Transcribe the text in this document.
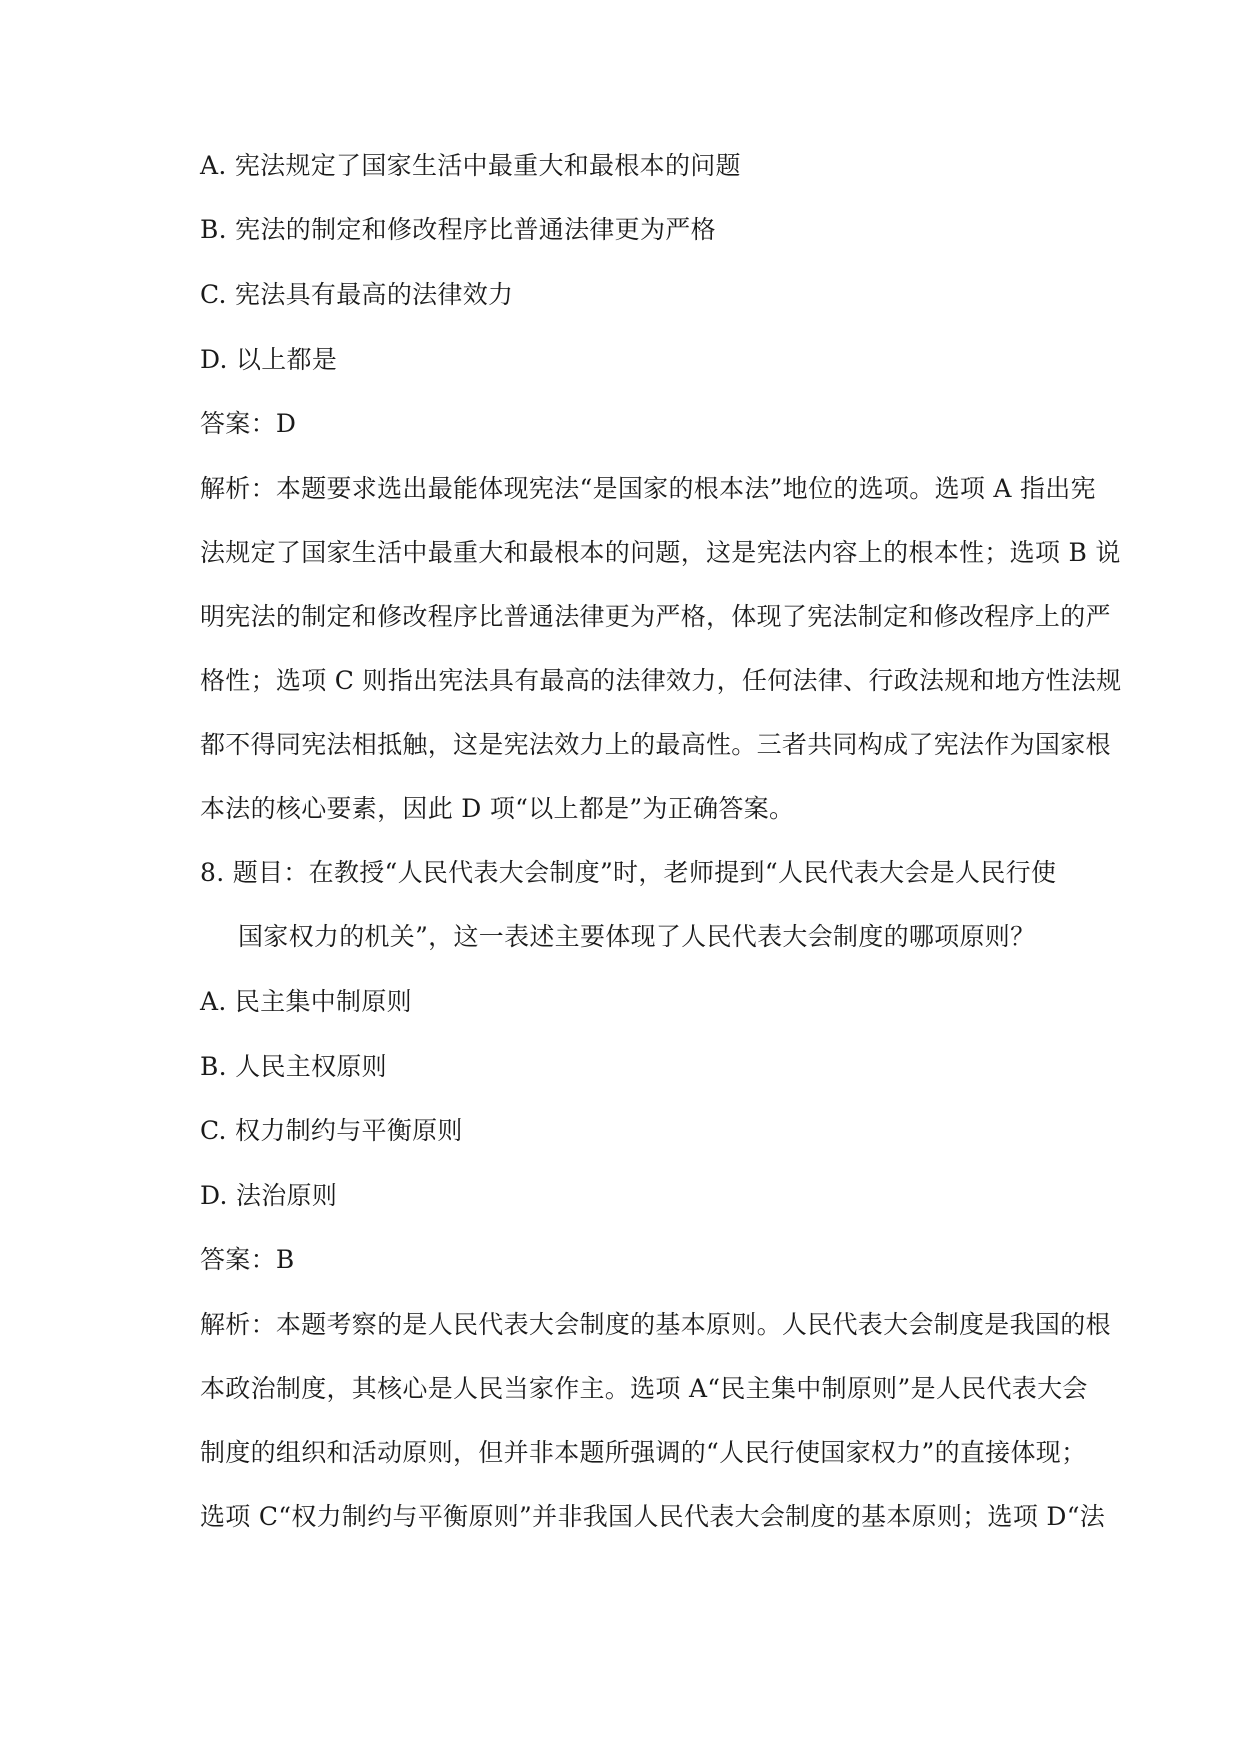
A. 宪法规定了国家生活中最重大和最根本的问题
B. 宪法的制定和修改程序比普通法律更为严格
C. 宪法具有最高的法律效力
D. 以上都是
答案：D
解析：本题要求选出最能体现宪法“是国家的根本法”地位的选项。选项 A 指出宪
法规定了国家生活中最重大和最根本的问题，这是宪法内容上的根本性；选项 B 说
明宪法的制定和修改程序比普通法律更为严格，体现了宪法制定和修改程序上的严
格性；选项 C 则指出宪法具有最高的法律效力，任何法律、行政法规和地方性法规
都不得同宪法相抵触，这是宪法效力上的最高性。三者共同构成了宪法作为国家根
本法的核心要素，因此 D 项“以上都是”为正确答案。
8. 题目：在教授“人民代表大会制度”时，老师提到“人民代表大会是人民行使
国家权力的机关”，这一表述主要体现了人民代表大会制度的哪项原则？
A. 民主集中制原则
B. 人民主权原则
C. 权力制约与平衡原则
D. 法治原则
答案：B
解析：本题考察的是人民代表大会制度的基本原则。人民代表大会制度是我国的根
本政治制度，其核心是人民当家作主。选项 A“民主集中制原则”是人民代表大会
制度的组织和活动原则，但并非本题所强调的“人民行使国家权力”的直接体现；
选项 C“权力制约与平衡原则”并非我国人民代表大会制度的基本原则；选项 D“法
